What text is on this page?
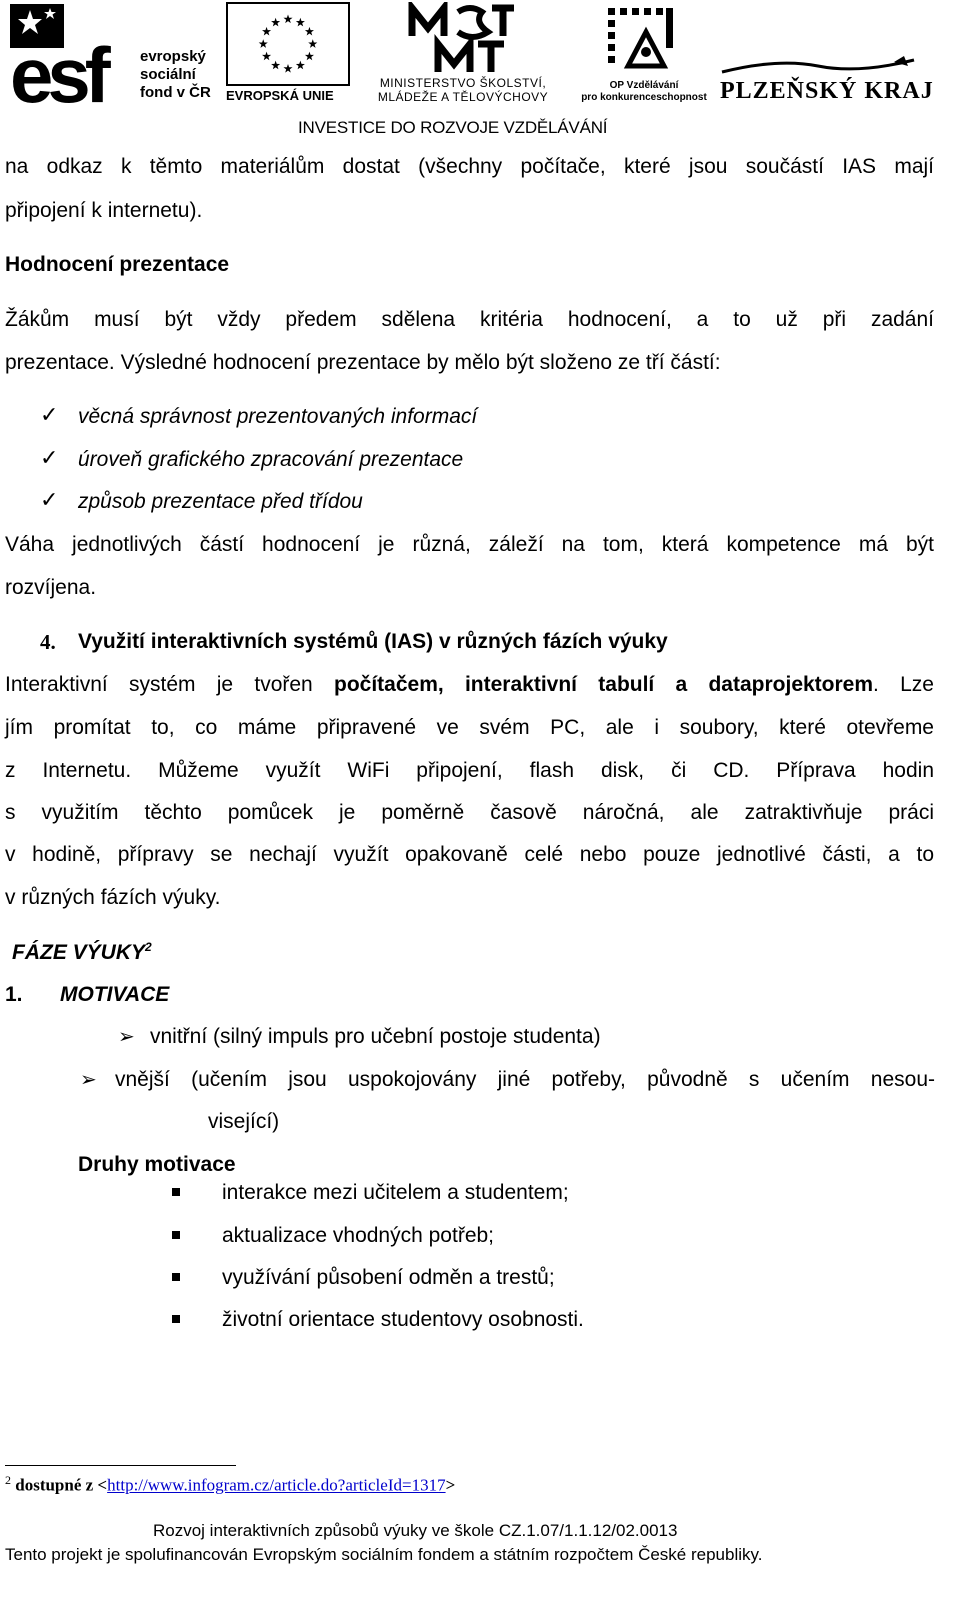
esf	evropský
sociální
fond v ČR EVROPSKÁ UNIE
MINISTERSTVO ŠKOLSTVÍ,
MLÁDEŽE A TĚLOVÝCHOVY
OP Vzdělávání
pro konkurenceschopnost PLZEŇSKÝ KRAJ
INVESTICE DO ROZVOJE VZDĚLÁVÁNÍ
na odkaz k těmto materiálům dostat (všechny počítače, které jsou součástí IAS mají
připojení k internetu).
Hodnocení prezentace
Žákům musí být vždy předem sdělena kritéria hodnocení, a to už při zadání
prezentace. Výsledné hodnocení prezentace by mělo být složeno ze tří částí:
✓ věcná správnost prezentovaných informací
✓ úroveň grafického zpracování prezentace
✓ způsob prezentace před třídou
Váha jednotlivých částí hodnocení je různá, záleží na tom, která kompetence má být
rozvíjena.
4. Využití interaktivních systémů (IAS) v různých fázích výuky
Interaktivní systém je tvořen počítačem, interaktivní tabulí a dataprojektorem. Lze
jím promítat to, co máme připravené ve svém PC, ale i soubory, které otevřeme
z Internetu. Můžeme využít WiFi připojení, flash disk, či CD. Příprava hodin
s využitím těchto pomůcek je poměrně časově náročná, ale zatraktivňuje práci
v hodině, přípravy se nechají využít opakovaně celé nebo pouze jednotlivé části, a to
v různých fázích výuky.
FÁZE VÝUKY$^2$
1. MOTIVACE
➢ vnitřní (silný impuls pro učební postoje studenta)
➢ vnější (učením jsou uspokojovány jiné potřeby, původně s učením nesou-
visející)
Druhy motivace
interakce mezi učitelem a studentem;
aktualizace vhodných potřeb;
využívání působení odměn a trestů;
životní orientace studentovy osobnosti.
$^2$ dostupné z <http://www.infogram.cz/article.do?articleId=1317>
Rozvoj interaktivních způsobů výuky ve škole CZ.1.07/1.1.12/02.0013
Tento projekt je spolufinancován Evropským sociálním fondem a státním rozpočtem České republiky.
